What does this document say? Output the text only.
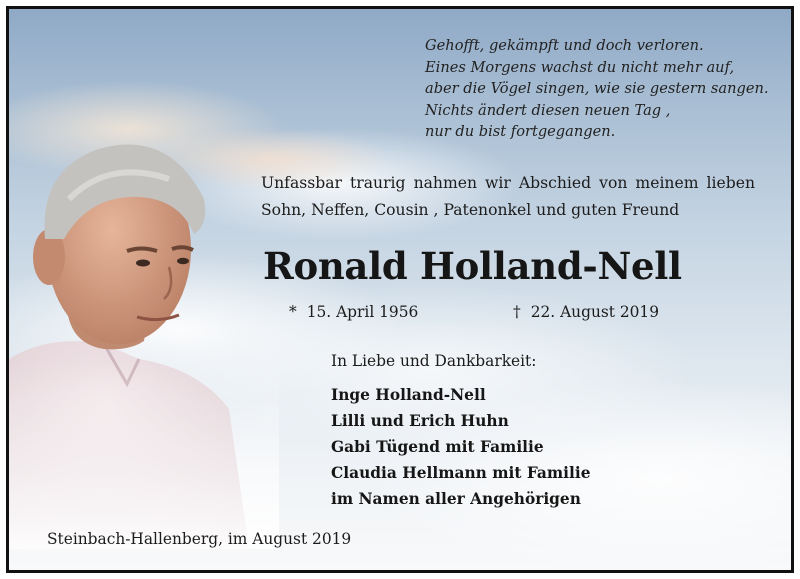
Gehofft, gekämpft und doch verloren.
Eines Morgens wachst du nicht mehr auf,
aber die Vögel singen, wie sie gestern sangen.
Nichts ändert diesen neuen Tag ,
nur du bist fortgegangen.
Unfassbar traurig nahmen wir Abschied von meinem lieben Sohn, Neffen, Cousin , Patenonkel und guten Freund
Ronald Holland-Nell
* 15. April 1956	† 22. August 2019
In Liebe und Dankbarkeit:
Inge Holland-Nell
Lilli und Erich Huhn
Gabi Tügend mit Familie
Claudia Hellmann mit Familie
im Namen aller Angehörigen
Steinbach-Hallenberg, im August 2019
